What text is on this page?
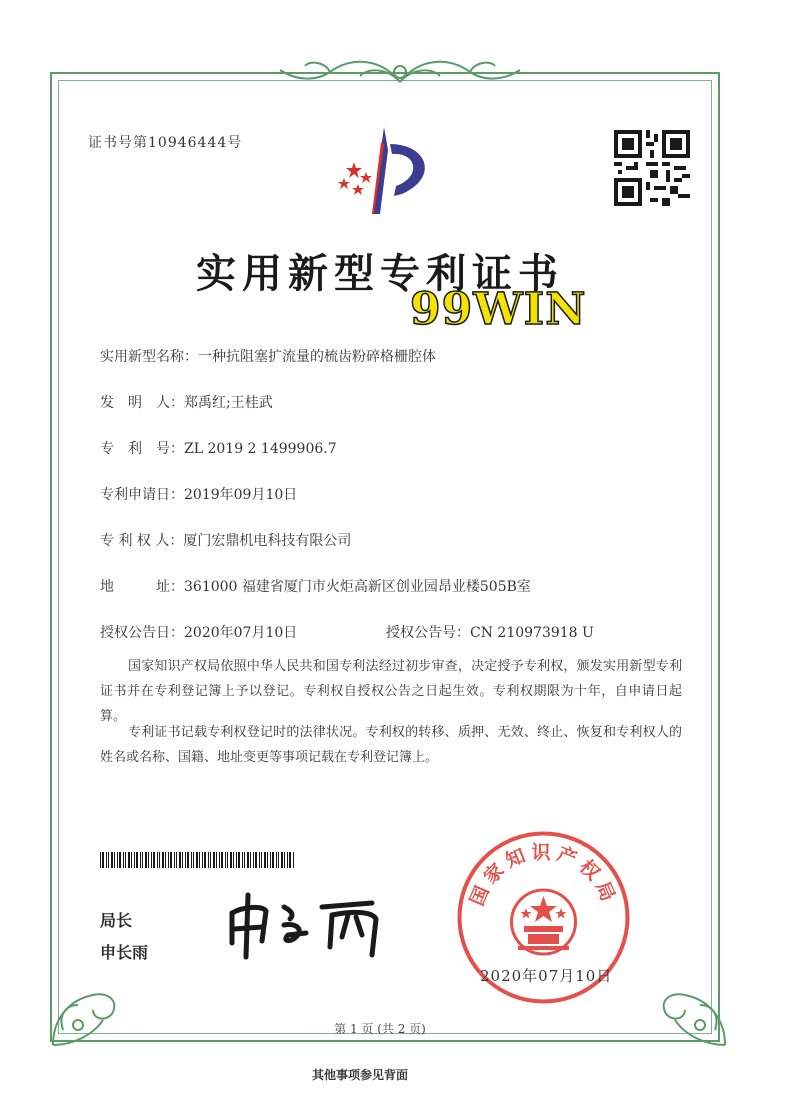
证书号第10946444号
实用新型专利证书
99WIN
实用新型名称：一种抗阻塞扩流量的梳齿粉碎格栅腔体
发　明　人：郑禹红;王桂武
专　利　号：ZL 2019 2 1499906.7
专利申请日：2019年09月10日
专 利 权 人：厦门宏鼎机电科技有限公司
地　　　址：361000 福建省厦门市火炬高新区创业园昂业楼505B室
授权公告日：2020年07月10日	授权公告号：CN 210973918 U
国家知识产权局依照中华人民共和国专利法经过初步审查，决定授予专利权，颁发实用新型专利证书并在专利登记簿上予以登记。专利权自授权公告之日起生效。专利权期限为十年，自申请日起算。
专利证书记载专利权登记时的法律状况。专利权的转移、质押、无效、终止、恢复和专利权人的姓名或名称、国籍、地址变更等事项记载在专利登记簿上。
局长
申长雨
国家知识产权局
2020年07月10日
第 1 页 (共 2 页)
其他事项参见背面
